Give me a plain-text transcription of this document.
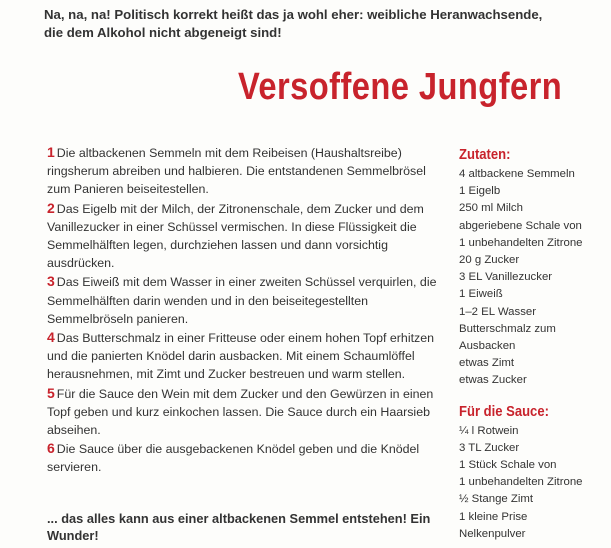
Na, na, na! Politisch korrekt heißt das ja wohl eher: weibliche Heranwachsende, die dem Alkohol nicht abgeneigt sind!
Versoffene Jungfern

1 Die altbackenen Semmeln mit dem Reibeisen (Haushaltsreibe) ringsherum abreiben und halbieren. Die entstandenen Semmelbrösel zum Panieren beiseitestellen.

2 Das Eigelb mit der Milch, der Zitronenschale, dem Zucker und dem Vanillezucker in einer Schüssel vermischen. In diese Flüssigkeit die Semmelhälften legen, durchziehen lassen und dann vorsichtig ausdrücken.

3 Das Eiweiß mit dem Wasser in einer zweiten Schüssel verquirlen, die Semmelhälften darin wenden und in den beiseitegestellten Semmelbröseln panieren.

4 Das Butterschmalz in einer Fritteuse oder einem hohen Topf erhitzen und die panierten Knödel darin ausbacken. Mit einem Schaumlöffel herausnehmen, mit Zimt und Zucker bestreuen und warm stellen.

5 Für die Sauce den Wein mit dem Zucker und den Gewürzen in einen Topf geben und kurz einkochen lassen. Die Sauce durch ein Haarsieb abseihen.

6 Die Sauce über die ausgebackenen Knödel geben und die Knödel servieren.

... das alles kann aus einer altbackenen Semmel entstehen! Ein Wunder!
Zutaten:
4 altbackene Semmeln
1 Eigelb
250 ml Milch
abgeriebene Schale von
1 unbehandelten Zitrone
20 g Zucker
3 EL Vanillezucker
1 Eiweiß
1–2 EL Wasser
Butterschmalz zum
Ausbacken
etwas Zimt
etwas Zucker
Für die Sauce:
¼ l Rotwein
3 TL Zucker
1 Stück Schale von
1 unbehandelten Zitrone
½ Stange Zimt
1 kleine Prise
Nelkenpulver
